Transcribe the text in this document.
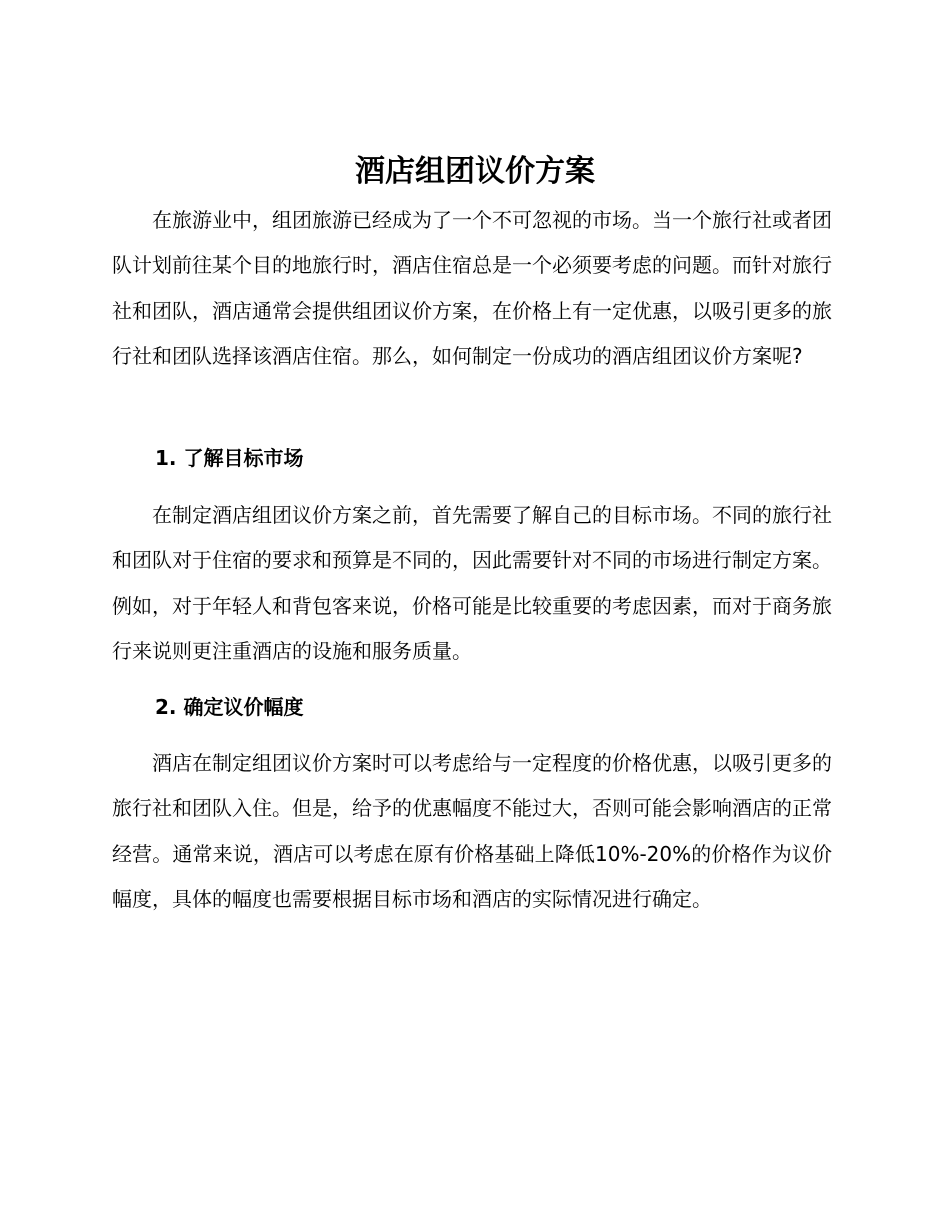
酒店组团议价方案

在旅游业中，组团旅游已经成为了一个不可忽视的市场。当一个旅行社或者团队计划前往某个目的地旅行时，酒店住宿总是一个必须要考虑的问题。而针对旅行社和团队，酒店通常会提供组团议价方案，在价格上有一定优惠，以吸引更多的旅行社和团队选择该酒店住宿。那么，如何制定一份成功的酒店组团议价方案呢?

1. 了解目标市场

在制定酒店组团议价方案之前，首先需要了解自己的目标市场。不同的旅行社和团队对于住宿的要求和预算是不同的，因此需要针对不同的市场进行制定方案。例如，对于年轻人和背包客来说，价格可能是比较重要的考虑因素，而对于商务旅行来说则更注重酒店的设施和服务质量。

2. 确定议价幅度

酒店在制定组团议价方案时可以考虑给与一定程度的价格优惠，以吸引更多的旅行社和团队入住。但是，给予的优惠幅度不能过大，否则可能会影响酒店的正常经营。通常来说，酒店可以考虑在原有价格基础上降低10%-20%的价格作为议价幅度，具体的幅度也需要根据目标市场和酒店的实际情况进行确定。
